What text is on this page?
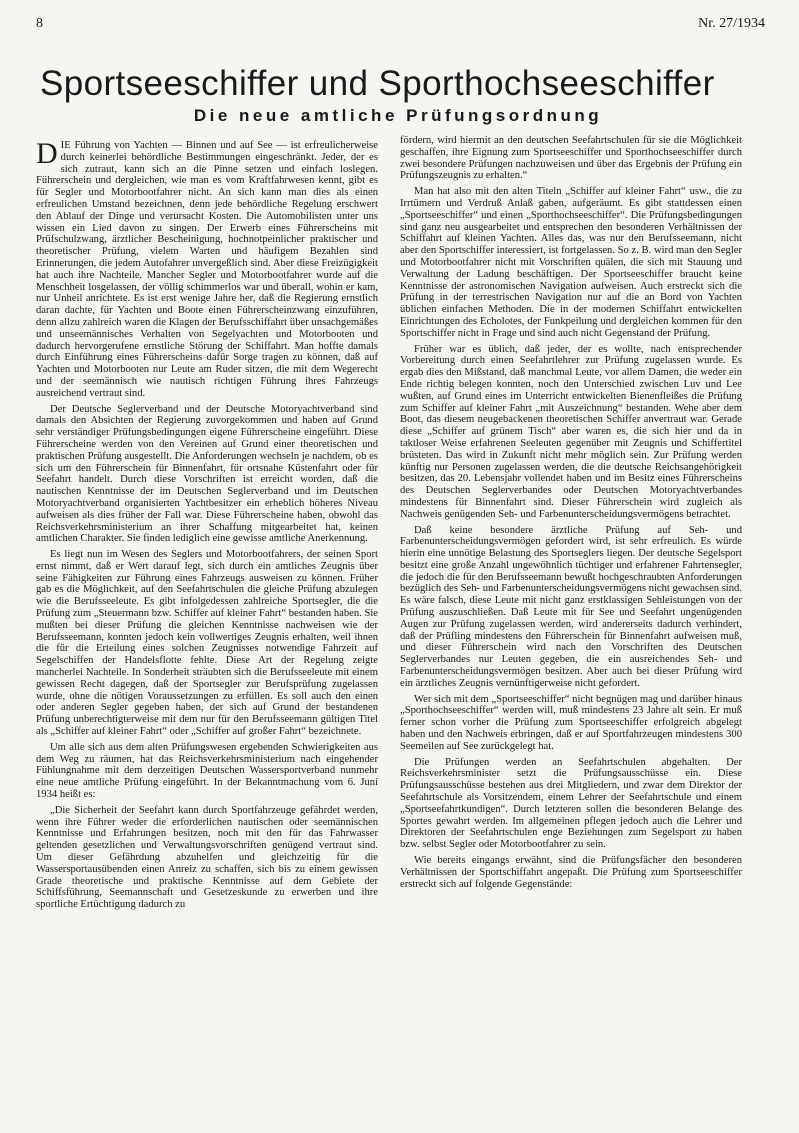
8	Nr. 27/1934
Sportseeschiffer und Sporthochseeschiffer
Die neue amtliche Prüfungsordnung

DIE Führung von Yachten — Binnen und auf See — ist erfreulicherweise durch keinerlei behördliche Bestimmungen eingeschränkt. Jeder, der es sich zutraut, kann sich an die Pinne setzen und einfach loslegen. Führerschein und dergleichen, wie man es vom Kraftfahrwesen kennt, gibt es für Segler und Motorbootfahrer nicht. An sich kann man dies als einen erfreulichen Umstand bezeichnen, denn jede behördliche Regelung erschwert den Ablauf der Dinge und verursacht Kosten. Die Automobilisten unter uns wissen ein Lied davon zu singen. Der Erwerb eines Führerscheins mit Prüfschulzwang, ärztlicher Bescheinigung, hochnotpeinlicher praktischer und theoretischer Prüfung, vielem Warten und häufigem Bezahlen sind Erinnerungen, die jedem Autofahrer unvergeßlich sind. Aber diese Freizügigkeit hat auch ihre Nachteile. Mancher Segler und Motorbootfahrer wurde auf die Menschheit losgelassen, der völlig schimmerlos war und überall, wohin er kam, nur Unheil anrichtete. Es ist erst wenige Jahre her, daß die Regierung ernstlich daran dachte, für Yachten und Boote einen Führerscheinzwang einzuführen, denn allzu zahlreich waren die Klagen der Berufsschiffahrt über unsachgemäßes und unseemännisches Verhalten von Segelyachten und Motorbooten und dadurch hervorgerufene ernstliche Störung der Schiffahrt. Man hoffte damals durch Einführung eines Führerscheins dafür Sorge tragen zu können, daß auf Yachten und Motorbooten nur Leute am Ruder sitzen, die mit dem Wegerecht und der seemännisch wie nautisch richtigen Führung ihres Fahrzeugs ausreichend vertraut sind.

Der Deutsche Seglerverband und der Deutsche Motoryachtverband sind damals den Absichten der Regierung zuvorgekommen und haben auf Grund sehr verständiger Prüfungsbedingungen eigene Führerscheine eingeführt. Diese Führerscheine werden von den Vereinen auf Grund einer theoretischen und praktischen Prüfung ausgestellt. Die Anforderungen wechseln je nachdem, ob es sich um den Führerschein für Binnenfahrt, für ortsnahe Küstenfahrt oder für Seefahrt handelt. Durch diese Vorschriften ist erreicht worden, daß die nautischen Kenntnisse der im Deutschen Seglerverband und im Deutschen Motoryachtverband organisierten Yachtbesitzer ein erheblich höheres Niveau aufweisen als dies früher der Fall war. Diese Führerscheine haben, obwohl das Reichsverkehrsministerium an ihrer Schaffung mitgearbeitet hat, keinen amtlichen Charakter. Sie finden lediglich eine gewisse amtliche Anerkennung.

Es liegt nun im Wesen des Seglers und Motorbootfahrers, der seinen Sport ernst nimmt, daß er Wert darauf legt, sich durch ein amtliches Zeugnis über seine Fähigkeiten zur Führung eines Fahrzeugs ausweisen zu können. Früher gab es die Möglichkeit, auf den Seefahrtschulen die gleiche Prüfung abzulegen wie die Berufsseeleute. Es gibt infolgedessen zahlreiche Sportsegler, die die Prüfung zum „Steuermann bzw. Schiffer auf kleiner Fahrt“ bestanden haben. Sie mußten bei dieser Prüfung die gleichen Kenntnisse nachweisen wie der Berufsseemann, konnten jedoch kein vollwertiges Zeugnis erhalten, weil ihnen die für die Erteilung eines solchen Zeugnisses notwendige Fahrzeit auf Segelschiffen der Handelsflotte fehlte. Diese Art der Regelung zeigte mancherlei Nachteile. In Sonderheit sträubten sich die Berufsseeleute mit einem gewissen Recht dagegen, daß der Sportsegler zur Berufsprüfung zugelassen wurde, ohne die nötigen Voraussetzungen zu erfüllen. Es soll auch den einen oder anderen Segler gegeben haben, der sich auf Grund der bestandenen Prüfung unberechtigterweise mit dem nur für den Berufsseemann gültigen Titel als „Schiffer auf kleiner Fahrt“ oder „Schiffer auf großer Fahrt“ bezeichnete.

Um alle sich aus dem alten Prüfungswesen ergebenden Schwierigkeiten aus dem Weg zu räumen, hat das Reichsverkehrsministerium nach eingehender Fühlungnahme mit dem derzeitigen Deutschen Wassersportverband nunmehr eine neue amtliche Prüfung eingeführt. In der Bekanntmachung vom 6. Juni 1934 heißt es:

„Die Sicherheit der Seefahrt kann durch Sportfahrzeuge gefährdet werden, wenn ihre Führer weder die erforderlichen nautischen oder seemännischen Kenntnisse und Erfahrungen besitzen, noch mit den für das Fahrwasser geltenden gesetzlichen und Verwaltungsvorschriften genügend vertraut sind. Um dieser Gefährdung abzuhelfen und gleichzeitig für die Wassersportausübenden einen Anreiz zu schaffen, sich bis zu einem gewissen Grade theoretische und praktische Kenntnisse auf dem Gebiete der Schiffsführung, Seemannschaft und Gesetzeskunde zu erwerben und ihre sportliche Ertüchtigung dadurch zu

fördern, wird hiermit an den deutschen Seefahrtschulen für sie die Möglichkeit geschaffen, ihre Eignung zum Sportseeschiffer und Sporthochseeschiffer durch zwei besondere Prüfungen nachzuweisen und über das Ergebnis der Prüfung ein Prüfungszeugnis zu erhalten.“

Man hat also mit den alten Titeln „Schiffer auf kleiner Fahrt“ usw., die zu Irrtümern und Verdruß Anlaß gaben, aufgeräumt. Es gibt stattdessen einen „Sportseeschiffer“ und einen „Sporthochseeschiffer“. Die Prüfungsbedingungen sind ganz neu ausgearbeitet und entsprechen den besonderen Verhältnissen der Schiffahrt auf kleinen Yachten. Alles das, was nur den Berufsseemann, nicht aber den Sportschiffer interessiert, ist fortgelassen. So z. B. wird man den Segler und Motorbootfahrer nicht mit Vorschriften quälen, die sich mit Stauung und Verwaltung der Ladung beschäftigen. Der Sportseeschiffer braucht keine Kenntnisse der astronomischen Navigation aufweisen. Auch erstreckt sich die Prüfung in der terrestrischen Navigation nur auf die an Bord von Yachten üblichen einfachen Methoden. Die in der modernen Schiffahrt entwickelten Einrichtungen des Echolotes, der Funkpeilung und dergleichen kommen für den Sportschiffer nicht in Frage und sind auch nicht Gegenstand der Prüfung.

Früher war es üblich, daß jeder, der es wollte, nach entsprechender Vorbereitung durch einen Seefahrtlehrer zur Prüfung zugelassen wurde. Es ergab dies den Mißstand, daß manchmal Leute, vor allem Damen, die weder ein Ende richtig belegen konnten, noch den Unterschied zwischen Luv und Lee wußten, auf Grund eines im Unterricht entwickelten Bienenfleißes die Prüfung zum Schiffer auf kleiner Fahrt „mit Auszeichnung“ bestanden. Wehe aber dem Boot, das diesem neugebackenen theoretischen Schiffer anvertraut war. Gerade diese „Schiffer auf grünem Tisch“ aber waren es, die sich hier und da in taktloser Weise erfahrenen Seeleuten gegenüber mit Zeugnis und Schiffertitel brüsteten. Das wird in Zukunft nicht mehr möglich sein. Zur Prüfung werden künftig nur Personen zugelassen werden, die die deutsche Reichsangehörigkeit besitzen, das 20. Lebensjahr vollendet haben und im Besitz eines Führerscheins des Deutschen Seglerverbandes oder Deutschen Motoryachtverbandes mindestens für Binnenfahrt sind. Dieser Führerschein wird zugleich als Nachweis genügenden Seh- und Farbenunterscheidungsvermögens betrachtet.

Daß keine besondere ärztliche Prüfung auf Seh- und Farbenunterscheidungsvermögen gefordert wird, ist sehr erfreulich. Es würde hierin eine unnötige Belastung des Sportseglers liegen. Der deutsche Segelsport besitzt eine große Anzahl ungewöhnlich tüchtiger und erfahrener Fahrtensegler, die jedoch die für den Berufsseemann bewußt hochgeschraubten Anforderungen bezüglich des Seh- und Farbenunterscheidungsvermögens nicht gewachsen sind. Es wäre falsch, diese Leute mit nicht ganz erstklassigen Sehleistungen von der Prüfung auszuschließen. Daß Leute mit für See und Seefahrt ungenügenden Augen zur Prüfung zugelassen werden, wird andererseits dadurch verhindert, daß der Prüfling mindestens den Führerschein für Binnenfahrt aufweisen muß, und dieser Führerschein wird nach den Vorschriften des Deutschen Seglerverbandes nur Leuten gegeben, die ein ausreichendes Seh- und Farbenunterscheidungsvermögen besitzen. Aber auch bei dieser Prüfung wird ein ärztliches Zeugnis vernünftigerweise nicht gefordert.

Wer sich mit dem „Sportseeschiffer“ nicht begnügen mag und darüber hinaus „Sporthochseeschiffer“ werden will, muß mindestens 23 Jahre alt sein. Er muß ferner schon vorher die Prüfung zum Sportseeschiffer erfolgreich abgelegt haben und den Nachweis erbringen, daß er auf Sportfahrzeugen mindestens 300 Seemeilen auf See zurückgelegt hat.

Die Prüfungen werden an Seefahrtschulen abgehalten. Der Reichsverkehrsminister setzt die Prüfungsausschüsse ein. Diese Prüfungsausschüsse bestehen aus drei Mitgliedern, und zwar dem Direktor der Seefahrtschule als Vorsitzendem, einem Lehrer der Seefahrtschule und einem „Sportseefahrtkundigen“. Durch letzteren sollen die besonderen Belange des Sportes gewahrt werden. Im allgemeinen pflegen jedoch auch die Lehrer und Direktoren der Seefahrtschulen enge Beziehungen zum Segelsport zu haben bzw. selbst Segler oder Motorbootfahrer zu sein.

Wie bereits eingangs erwähnt, sind die Prüfungsfächer den besonderen Verhältnissen der Sportschiffahrt angepaßt. Die Prüfung zum Sportseeschiffer erstreckt sich auf folgende Gegenstände:
